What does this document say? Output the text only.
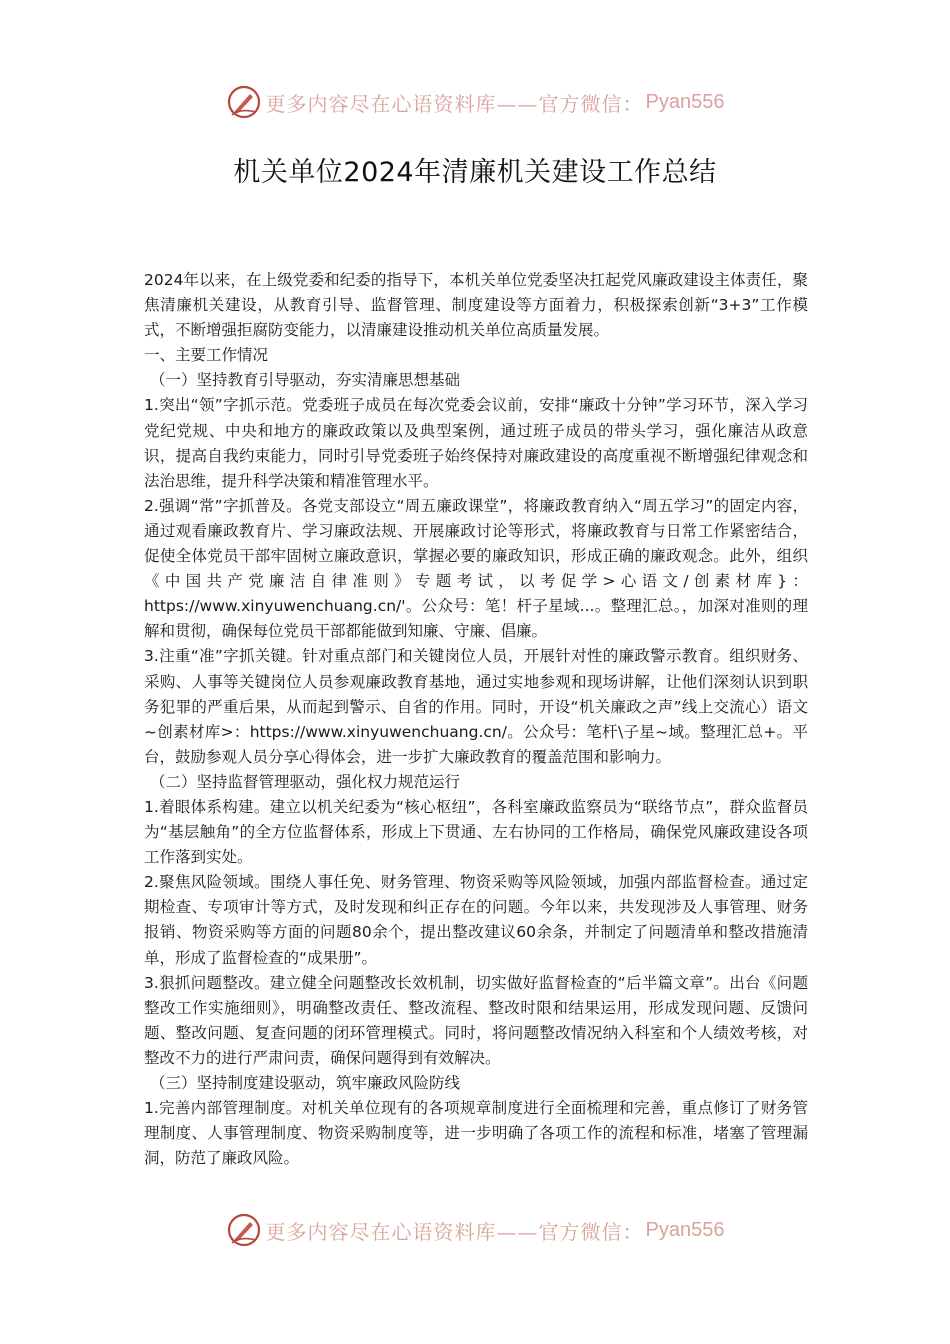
更多内容尽在心语资料库——官方微信： Pyan556
机关单位2024年清廉机关建设工作总结

2024年以来，在上级党委和纪委的指导下，本机关单位党委坚决扛起党风廉政建设主体责任，聚焦清廉机关建设，从教育引导、监督管理、制度建设等方面着力，积极探索创新“3+3”工作模式，不断增强拒腐防变能力，以清廉建设推动机关单位高质量发展。

一、主要工作情况

（一）坚持教育引导驱动，夯实清廉思想基础

1.突出“领”字抓示范。党委班子成员在每次党委会议前，安排“廉政十分钟”学习环节，深入学习党纪党规、中央和地方的廉政政策以及典型案例，通过班子成员的带头学习，强化廉洁从政意识，提高自我约束能力，同时引导党委班子始终保持对廉政建设的高度重视不断增强纪律观念和法治思维，提升科学决策和精准管理水平。

2.强调“常”字抓普及。各党支部设立“周五廉政课堂”，将廉政教育纳入“周五学习”的固定内容，通过观看廉政教育片、学习廉政法规、开展廉政讨论等形式，将廉政教育与日常工作紧密结合，促使全体党员干部牢固树立廉政意识，掌握必要的廉政知识，形成正确的廉政观念。此外，组织《中国共产党廉洁自律准则》专题考试，以考促学>心语文/创素材库}：https://www.xinyuwenchuang.cn/'。公众号：笔！杆子星域...。整理汇总。，加深对准则的理解和贯彻，确保每位党员干部都能做到知廉、守廉、倡廉。

3.注重“准”字抓关键。针对重点部门和关键岗位人员，开展针对性的廉政警示教育。组织财务、采购、人事等关键岗位人员参观廉政教育基地，通过实地参观和现场讲解，让他们深刻认识到职务犯罪的严重后果，从而起到警示、自省的作用。同时，开设“机关廉政之声”线上交流心）语文~创素材库>：https://www.xinyuwenchuang.cn/。公众号：笔杆\子星~域。整理汇总+。平台，鼓励参观人员分享心得体会，进一步扩大廉政教育的覆盖范围和影响力。

（二）坚持监督管理驱动，强化权力规范运行

1.着眼体系构建。建立以机关纪委为“核心枢纽”，各科室廉政监察员为“联络节点”，群众监督员为“基层触角”的全方位监督体系，形成上下贯通、左右协同的工作格局，确保党风廉政建设各项工作落到实处。

2.聚焦风险领域。围绕人事任免、财务管理、物资采购等风险领域，加强内部监督检查。通过定期检查、专项审计等方式，及时发现和纠正存在的问题。今年以来，共发现涉及人事管理、财务报销、物资采购等方面的问题80余个，提出整改建议60余条，并制定了问题清单和整改措施清单，形成了监督检查的“成果册”。

3.狠抓问题整改。建立健全问题整改长效机制，切实做好监督检查的“后半篇文章”。出台《问题整改工作实施细则》，明确整改责任、整改流程、整改时限和结果运用，形成发现问题、反馈问题、整改问题、复查问题的闭环管理模式。同时，将问题整改情况纳入科室和个人绩效考核，对整改不力的进行严肃问责，确保问题得到有效解决。

（三）坚持制度建设驱动，筑牢廉政风险防线

1.完善内部管理制度。对机关单位现有的各项规章制度进行全面梳理和完善，重点修订了财务管理制度、人事管理制度、物资采购制度等，进一步明确了各项工作的流程和标准，堵塞了管理漏洞，防范了廉政风险。

更多内容尽在心语资料库——官方微信： Pyan556
